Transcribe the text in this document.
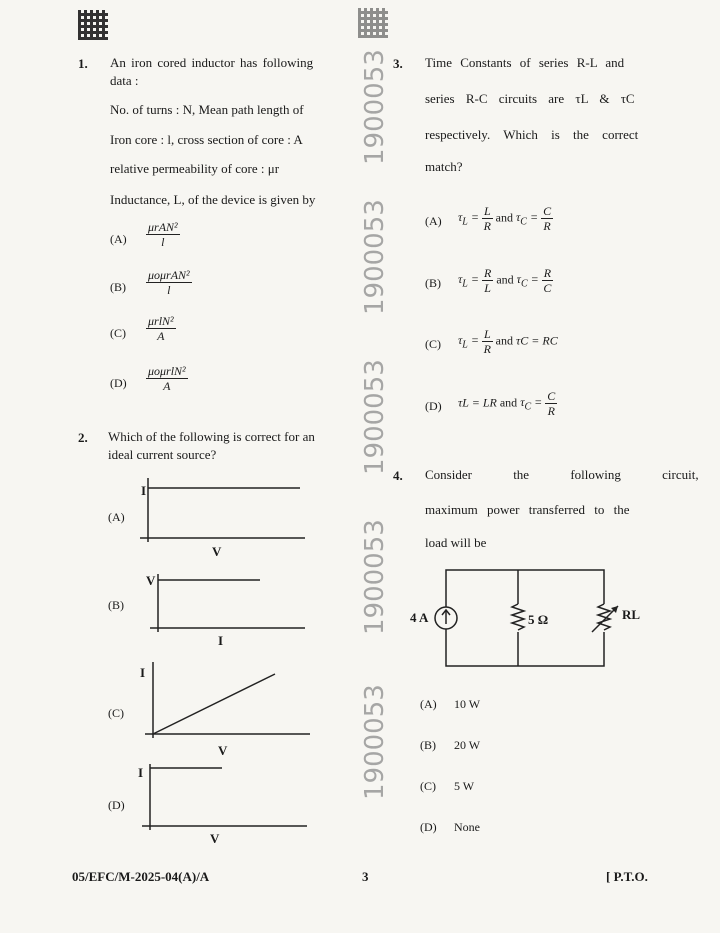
1900053
1900053
1900053
1900053
1900053
1. An iron cored inductor has following
data :
No. of turns : N, Mean path length of
Iron core : l, cross section of core : A
relative permeability of core : μr
Inductance, L, of the device is given by
(A)
μrAN²
l
(B)
μoμrAN²
l
(C)
μrlN²
A
(D)
μoμrlN²
A
2. Which of the following is correct for an
ideal current source?
(A)
I
V
(B)
V
I
(C)
I
V
(D)
I
V
3. Time Constants of series R-L and
series R-C circuits are τL & τC
respectively. Which is the correct
match?
(A) $\tau_L = \frac{L}{R}$ and $\tau_C = \frac{C}{R}$
(B) $\tau_L = \frac{R}{L}$ and $\tau_C = \frac{R}{C}$
(C) $\tau_L = \frac{L}{R}$ and τC = RC
(D) τL = LR and $\tau_C = \frac{C}{R}$
4. Consider the following circuit,
maximum power transferred to the
load will be
4 A	5 Ω	RL
(A) 10 W
(B) 20 W
(C) 5 W
(D) None
05/EFC/M-2025-04(A)/A	3	[ P.T.O.
